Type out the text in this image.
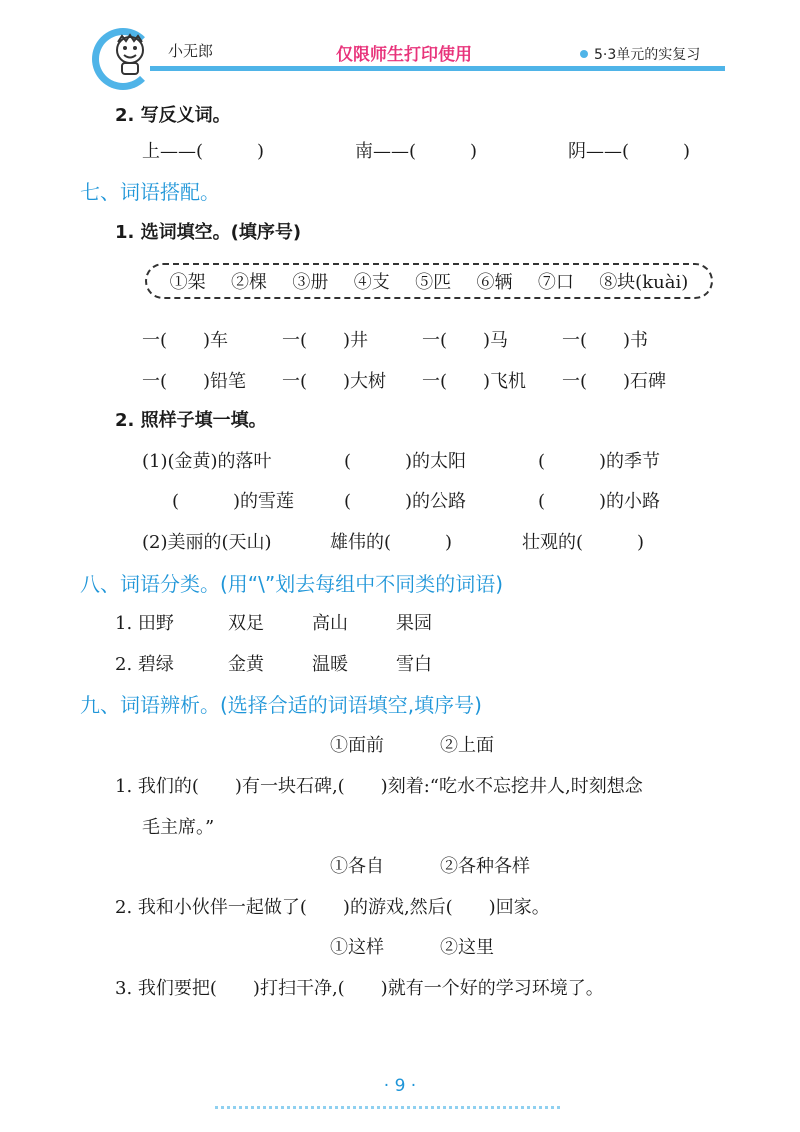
小无郎	仅限师生打印使用	5·3单元的实复习
2. 写反义词。
上——(　　　)	南——(　　　)	阴——(　　　)
七、词语搭配。
1. 选词填空。(填序号)
①架 ②棵 ③册 ④支 ⑤匹 ⑥辆 ⑦口 ⑧块(kuài)
一(　　)车	一(　　)井	一(　　)马	一(　　)书
一(　　)铅笔 一(　　)大树 一(　　)飞机 一(　　)石碑
2. 照样子填一填。
(1)(金黄)的落叶	(　　　)的太阳	(　　　)的季节
(　　　)的雪莲	(　　　)的公路	(　　　)的小路
(2)美丽的(天山)	雄伟的(　　　)	壮观的(　　　)
八、词语分类。(用“\”划去每组中不同类的词语)
1. 田野	双足	高山	果园
2. 碧绿	金黄	温暖	雪白
九、词语辨析。(选择合适的词语填空,填序号)
①面前	②上面
1. 我们的(　　)有一块石碑,(　　)刻着:“吃水不忘挖井人,时刻想念
毛主席。”
①各自	②各种各样
2. 我和小伙伴一起做了(　　)的游戏,然后(　　)回家。
①这样	②这里
3. 我们要把(　　)打扫干净,(　　)就有一个好的学习环境了。
· 9 ·
